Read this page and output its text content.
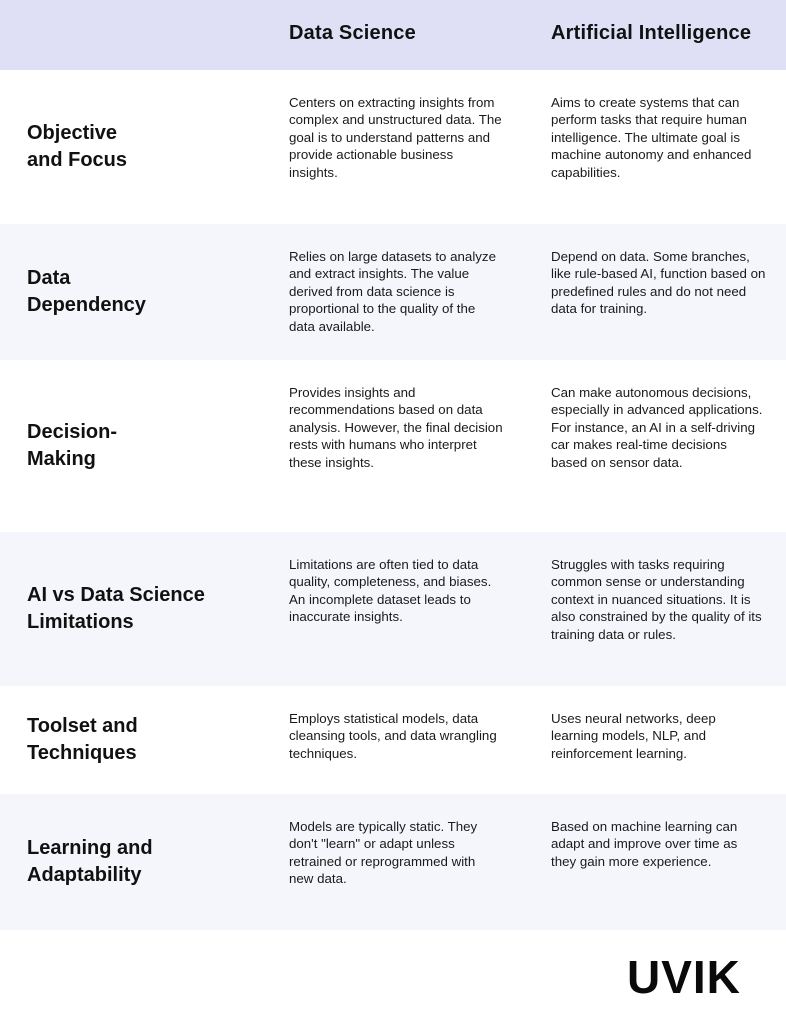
Data Science	Artificial Intelligence
Objective and Focus
Centers on extracting insights from complex and unstructured data. The goal is to understand patterns and provide actionable business insights.
Aims to create systems that can perform tasks that require human intelligence. The ultimate goal is machine autonomy and enhanced capabilities.
Data Dependency
Relies on large datasets to analyze and extract insights. The value derived from data science is proportional to the quality of the data available.
Depend on data. Some branches, like rule-based AI, function based on predefined rules and do not need data for training.
Decision-Making
Provides insights and recommendations based on data analysis. However, the final decision rests with humans who interpret these insights.
Can make autonomous decisions, especially in advanced applications. For instance, an AI in a self-driving car makes real-time decisions based on sensor data.
AI vs Data Science Limitations
Limitations are often tied to data quality, completeness, and biases. An incomplete dataset leads to inaccurate insights.
Struggles with tasks requiring common sense or understanding context in nuanced situations. It is also constrained by the quality of its training data or rules.
Toolset and Techniques
Employs statistical models, data cleansing tools, and data wrangling techniques.
Uses neural networks, deep learning models, NLP, and reinforcement learning.
Learning and Adaptability
Models are typically static. They don't "learn" or adapt unless retrained or reprogrammed with new data.
Based on machine learning can adapt and improve over time as they gain more experience.
UVIK
